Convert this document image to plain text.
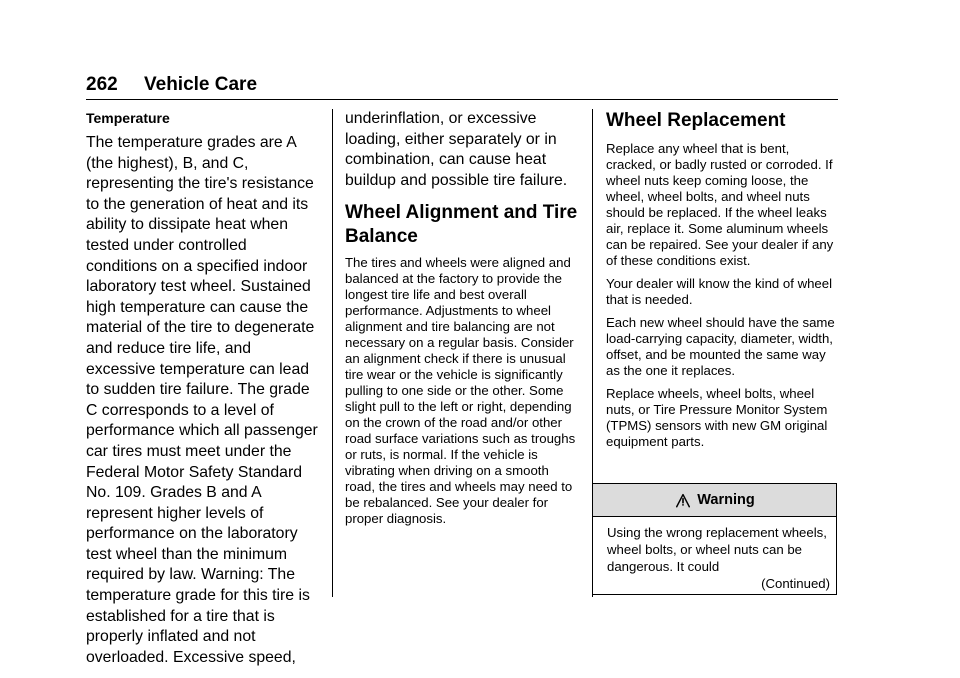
262 Vehicle Care

Temperature

The temperature grades are A (the highest), B, and C, representing the tire's resistance to the generation of heat and its ability to dissipate heat when tested under controlled conditions on a specified indoor laboratory test wheel. Sustained high temperature can cause the material of the tire to degenerate and reduce tire life, and excessive temperature can lead to sudden tire failure. The grade C corresponds to a level of performance which all passenger car tires must meet under the Federal Motor Safety Standard No. 109. Grades B and A represent higher levels of performance on the laboratory test wheel than the minimum required by law. Warning: The temperature grade for this tire is established for a tire that is properly inflated and not overloaded. Excessive speed,

underinflation, or excessive loading, either separately or in combination, can cause heat buildup and possible tire failure.

Wheel Alignment and Tire Balance

The tires and wheels were aligned and balanced at the factory to provide the longest tire life and best overall performance. Adjustments to wheel alignment and tire balancing are not necessary on a regular basis. Consider an alignment check if there is unusual tire wear or the vehicle is significantly pulling to one side or the other. Some slight pull to the left or right, depending on the crown of the road and/or other road surface variations such as troughs or ruts, is normal. If the vehicle is vibrating when driving on a smooth road, the tires and wheels may need to be rebalanced. See your dealer for proper diagnosis.

Wheel Replacement

Replace any wheel that is bent, cracked, or badly rusted or corroded. If wheel nuts keep coming loose, the wheel, wheel bolts, and wheel nuts should be replaced. If the wheel leaks air, replace it. Some aluminum wheels can be repaired. See your dealer if any of these conditions exist.

Your dealer will know the kind of wheel that is needed.

Each new wheel should have the same load-carrying capacity, diameter, width, offset, and be mounted the same way as the one it replaces.

Replace wheels, wheel bolts, wheel nuts, or Tire Pressure Monitor System (TPMS) sensors with new GM original equipment parts.

Warning

Using the wrong replacement wheels, wheel bolts, or wheel nuts can be dangerous. It could

(Continued)
